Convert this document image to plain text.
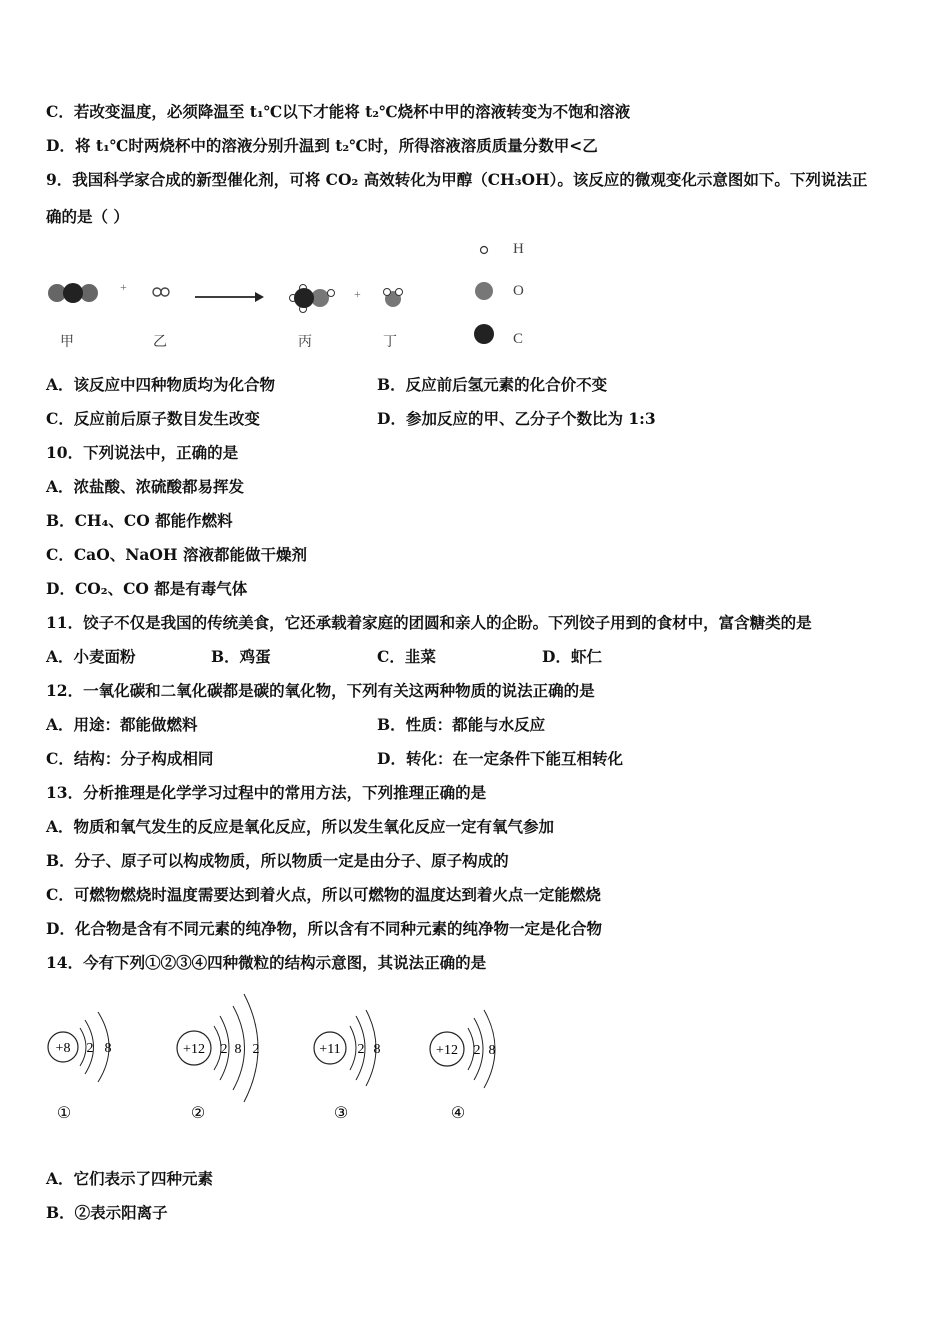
C．若改变温度，必须降温至 t₁℃以下才能将 t₂℃烧杯中甲的溶液转变为不饱和溶液
D．将 t₁℃时两烧杯中的溶液分别升温到 t₂℃时，所得溶液溶质质量分数甲<乙
9．我国科学家合成的新型催化剂，可将 CO₂ 高效转化为甲醇（CH₃OH）。该反应的微观变化示意图如下。下列说法正
确的是（ ）
+	+
甲	乙	丙	丁
H
O
C
A．该反应中四种物质均为化合物	B．反应前后氢元素的化合价不变
C．反应前后原子数目发生改变	D．参加反应的甲、乙分子个数比为 1:3
10．下列说法中，正确的是
A．浓盐酸、浓硫酸都易挥发
B．CH₄、CO 都能作燃料
C．CaO、NaOH 溶液都能做干燥剂
D．CO₂、CO 都是有毒气体
11．饺子不仅是我国的传统美食，它还承载着家庭的团圆和亲人的企盼。下列饺子用到的食材中，富含糖类的是
A．小麦面粉	B．鸡蛋	C．韭菜	D．虾仁
12．一氧化碳和二氧化碳都是碳的氧化物，下列有关这两种物质的说法正确的是
A．用途：都能做燃料	B．性质：都能与水反应
C．结构：分子构成相同	D．转化：在一定条件下能互相转化
13．分析推理是化学学习过程中的常用方法，下列推理正确的是
A．物质和氧气发生的反应是氧化反应，所以发生氧化反应一定有氧气参加
B．分子、原子可以构成物质，所以物质一定是由分子、原子构成的
C．可燃物燃烧时温度需要达到着火点，所以可燃物的温度达到着火点一定能燃烧
D．化合物是含有不同元素的纯净物，所以含有不同种元素的纯净物一定是化合物
14．今有下列①②③④四种微粒的结构示意图，其说法正确的是
+8 2 8	+12 2 8 2	+11 2 8	+12 2 8
①	②	③	④
A．它们表示了四种元素
B．②表示阳离子
